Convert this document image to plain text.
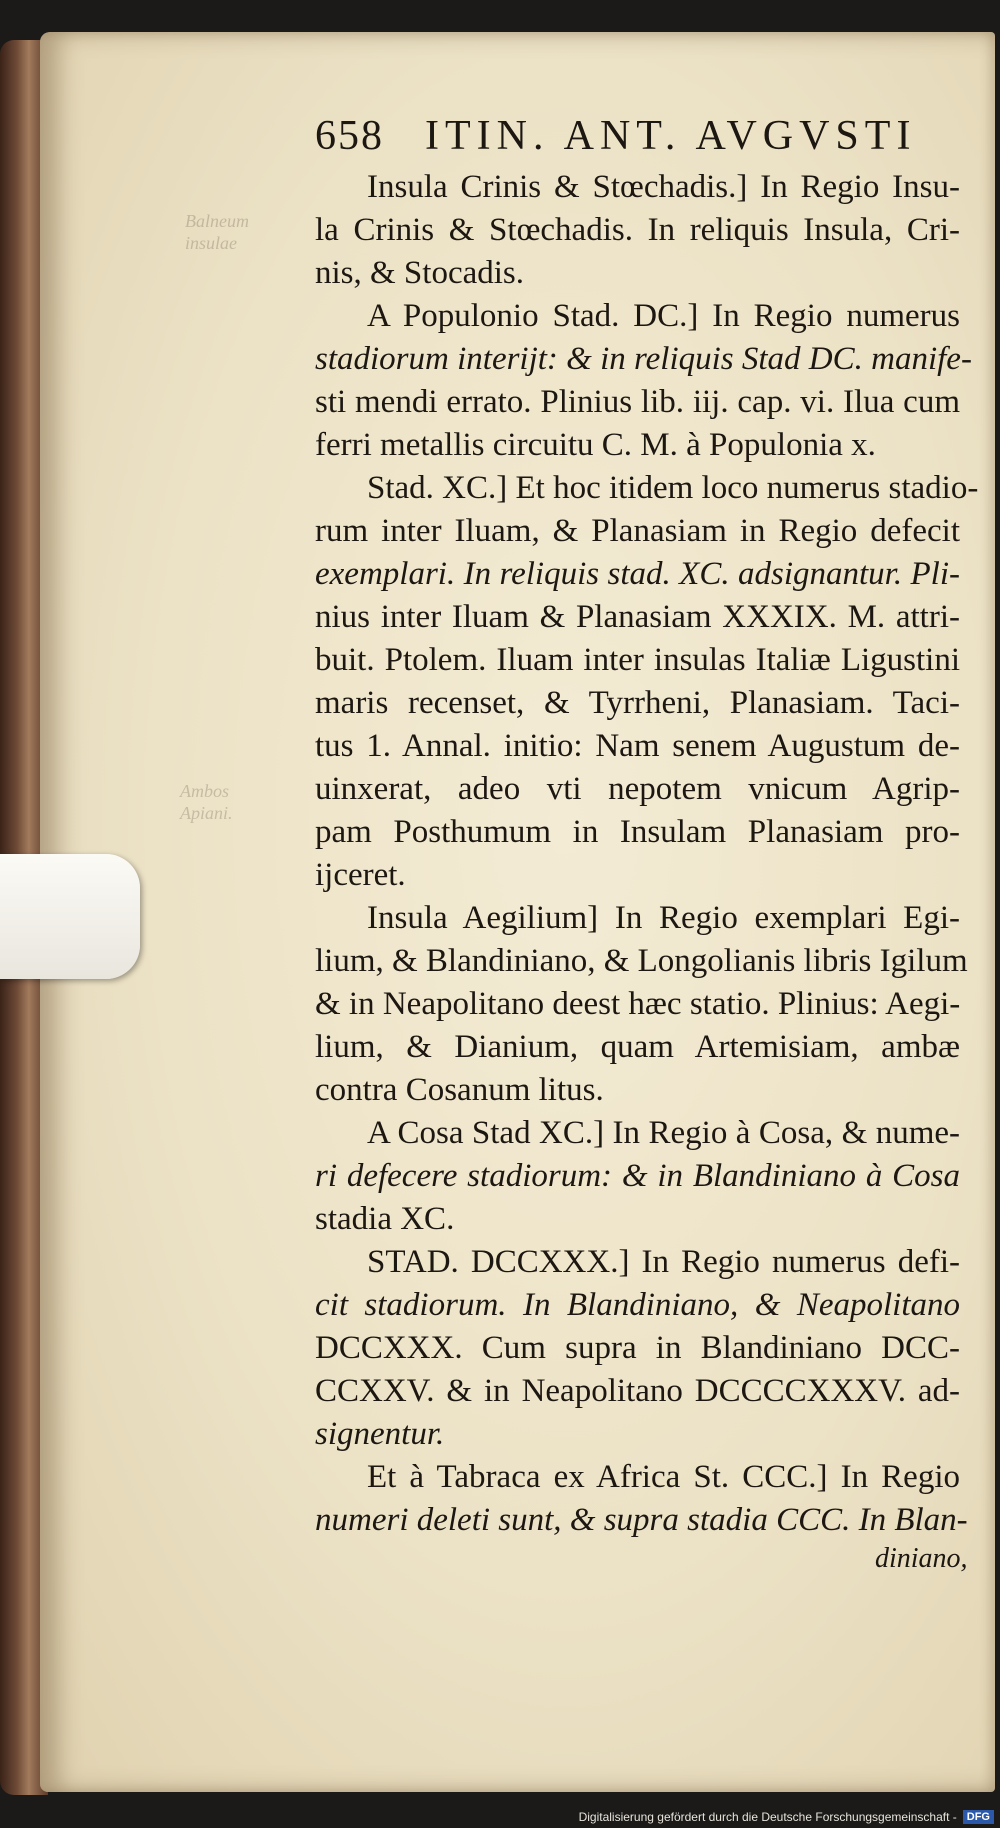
Balneum
insulae
Ambos
Apiani.
658 ITIN. ANT. AVGVSTI
Insula Crinis & Stœchadis.] In Regio Insu-
la Crinis & Stœchadis. In reliquis Insula, Cri-
nis, & Stocadis.
A Populonio Stad. DC.] In Regio numerus
stadiorum interijt: & in reliquis Stad DC. manife-
sti mendi errato. Plinius lib. iij. cap. vi. Ilua cum
ferri metallis circuitu C. M. à Populonia x.
Stad. XC.] Et hoc itidem loco numerus stadio-
rum inter Iluam, & Planasiam in Regio defecit
exemplari. In reliquis stad. XC. adsignantur. Pli-
nius inter Iluam & Planasiam XXXIX. M. attri-
buit. Ptolem. Iluam inter insulas Italiæ Ligustini
maris recenset, & Tyrrheni, Planasiam. Taci-
tus 1. Annal. initio: Nam senem Augustum de-
uinxerat, adeo vti nepotem vnicum Agrip-
pam Posthumum in Insulam Planasiam pro-
ijceret.
Insula Aegilium] In Regio exemplari Egi-
lium, & Blandiniano, & Longolianis libris Igilum
& in Neapolitano deest hæc statio. Plinius: Aegi-
lium, & Dianium, quam Artemisiam, ambæ
contra Cosanum litus.
A Cosa Stad XC.] In Regio à Cosa, & nume-
ri defecere stadiorum: & in Blandiniano à Cosa
stadia XC.
STAD. DCCXXX.] In Regio numerus defi-
cit stadiorum. In Blandiniano, & Neapolitano
DCCXXX. Cum supra in Blandiniano DCC-
CCXXV. & in Neapolitano DCCCCXXXV. ad-
signentur.
Et à Tabraca ex Africa St. CCC.] In Regio
numeri deleti sunt, & supra stadia CCC. In Blan-
diniano,
Digitalisierung gefördert durch die Deutsche Forschungsgemeinschaft - DFG
